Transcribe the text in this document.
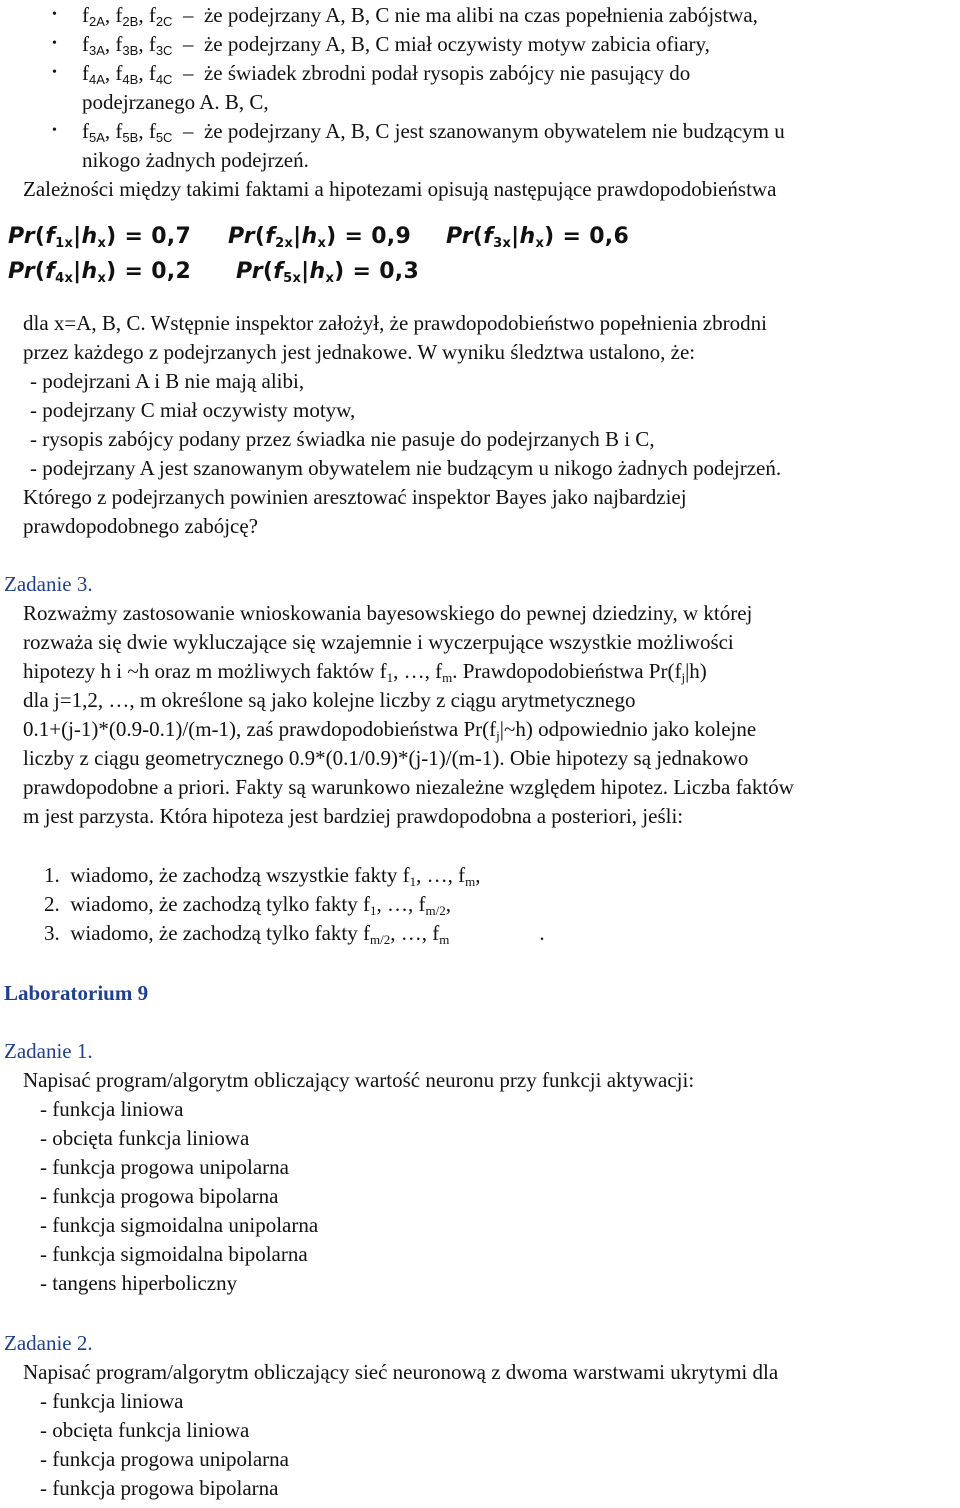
• $f_{2A}$, $f_{2B}$, $f_{2C}$ – że podejrzany A, B, C nie ma alibi na czas popełnienia zabójstwa,
• $f_{3A}$, $f_{3B}$, $f_{3C}$ – że podejrzany A, B, C miał oczywisty motyw zabicia ofiary,
• $f_{4A}$, $f_{4B}$, $f_{4C}$ – że świadek zbrodni podał rysopis zabójcy nie pasujący do
podejrzanego A. B, C,
• $f_{5A}$, $f_{5B}$, $f_{5C}$ – że podejrzany A, B, C jest szanowanym obywatelem nie budzącym u
nikogo żadnych podejrzeń.
Zależności między takimi faktami a hipotezami opisują następujące prawdopodobieństwa
$Pr(f_{1x}|h_x) = 0,7$ $Pr(f_{2x}|h_x) = 0,9$ $Pr(f_{3x}|h_x) = 0,6$
$Pr(f_{4x}|h_x) = 0,2$ $Pr(f_{5x}|h_x) = 0,3$
dla x=A, B, C. Wstępnie inspektor założył, że prawdopodobieństwo popełnienia zbrodni
przez każdego z podejrzanych jest jednakowe. W wyniku śledztwa ustalono, że:
- podejrzani A i B nie mają alibi,
- podejrzany C miał oczywisty motyw,
- rysopis zabójcy podany przez świadka nie pasuje do podejrzanych B i C,
- podejrzany A jest szanowanym obywatelem nie budzącym u nikogo żadnych podejrzeń.
Którego z podejrzanych powinien aresztować inspektor Bayes jako najbardziej
prawdopodobnego zabójcę?
Zadanie 3.
Rozważmy zastosowanie wnioskowania bayesowskiego do pewnej dziedziny, w której
rozważa się dwie wykluczające się wzajemnie i wyczerpujące wszystkie możliwości
hipotezy h i ~h oraz m możliwych faktów $f_1$, …, $f_m$. Prawdopodobieństwa $Pr(f_j|h)$
dla j=1,2, …, m określone są jako kolejne liczby z ciągu arytmetycznego
0.1+(j-1)*(0.9-0.1)/(m-1), zaś prawdopodobieństwa $Pr(f_j|\sim h)$ odpowiednio jako kolejne
liczby z ciągu geometrycznego 0.9*(0.1/0.9)*(j-1)/(m-1). Obie hipotezy są jednakowo
prawdopodobne a priori. Fakty są warunkowo niezależne względem hipotez. Liczba faktów
m jest parzysta. Która hipoteza jest bardziej prawdopodobna a posteriori, jeśli:
1. wiadomo, że zachodzą wszystkie fakty $f_1$, …, $f_m$,
2. wiadomo, że zachodzą tylko fakty $f_1$, …, $f_{m/2}$,
3. wiadomo, że zachodzą tylko fakty $f_{m/2}$, …, $f_m$	.
Laboratorium 9
Zadanie 1.
Napisać program/algorytm obliczający wartość neuronu przy funkcji aktywacji:
- funkcja liniowa
- obcięta funkcja liniowa
- funkcja progowa unipolarna
- funkcja progowa bipolarna
- funkcja sigmoidalna unipolarna
- funkcja sigmoidalna bipolarna
- tangens hiperboliczny
Zadanie 2.
Napisać program/algorytm obliczający sieć neuronową z dwoma warstwami ukrytymi dla
- funkcja liniowa
- obcięta funkcja liniowa
- funkcja progowa unipolarna
- funkcja progowa bipolarna
